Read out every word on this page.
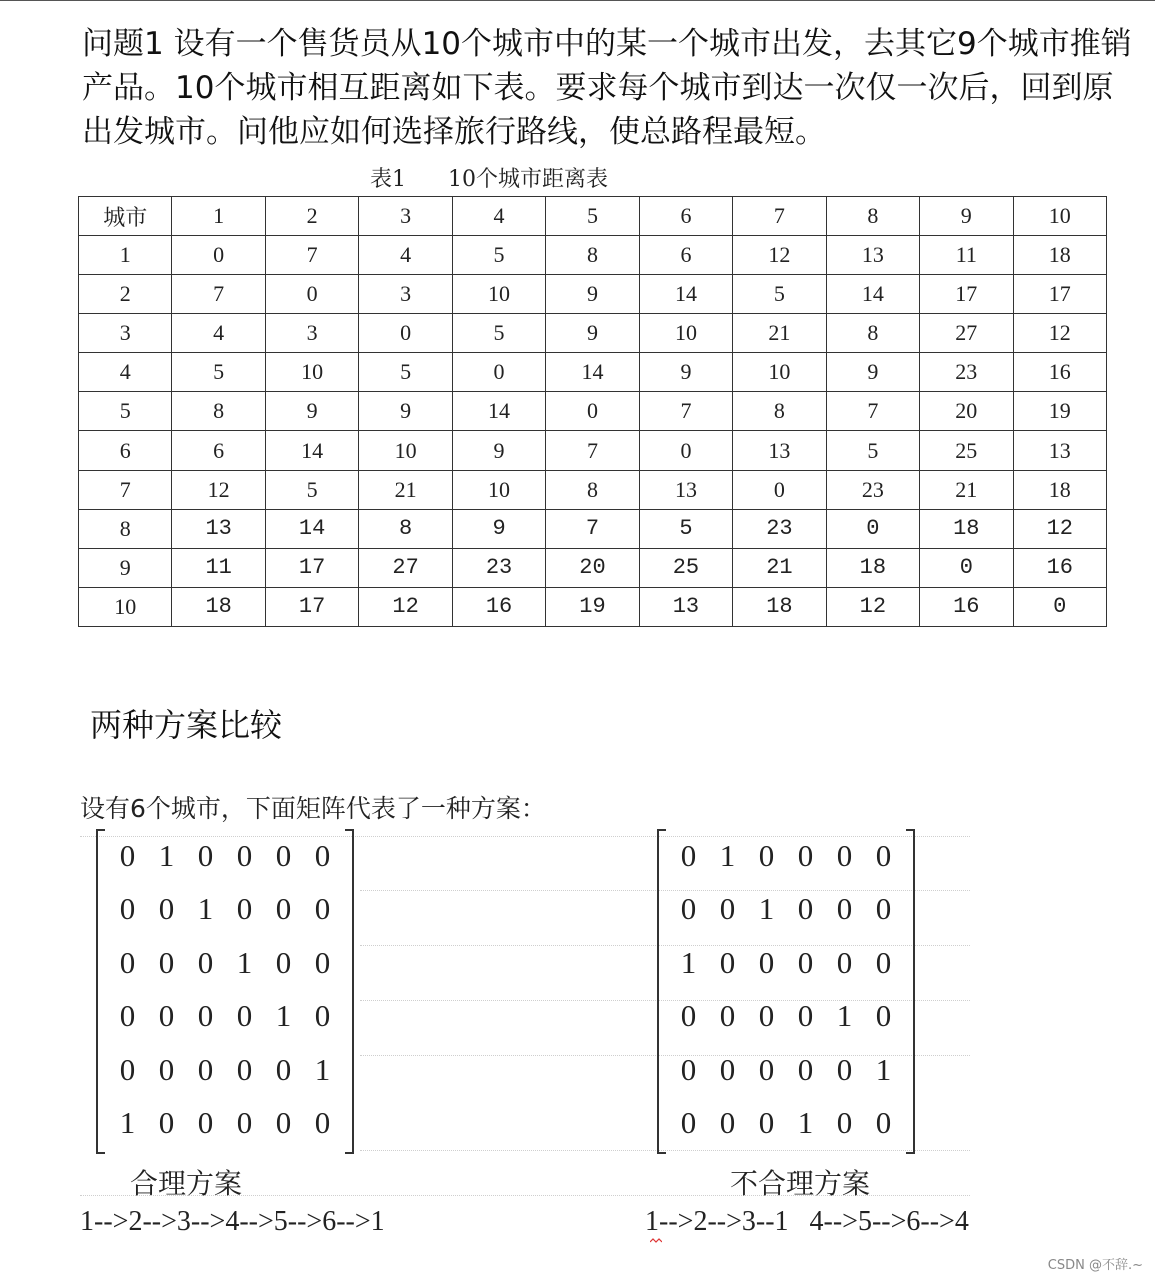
问题1 设有一个售货员从10个城市中的某一个城市出发，去其它9个城市推销产品。10个城市相互距离如下表。要求每个城市到达一次仅一次后，回到原出发城市。问他应如何选择旅行路线，使总路程最短。

表1      10个城市距离表
城市	1	2	3	4	5	6	7	8	9	10
1	0	7	4	5	8	6	12	13	11	18
2	7	0	3	10	9	14	5	14	17	17
3	4	3	0	5	9	10	21	8	27	12
4	5	10	5	0	14	9	10	9	23	16
5	8	9	9	14	0	7	8	7	20	19
6	6	14	10	9	7	0	13	5	25	13
7	12	5	21	10	8	13	0	23	21	18
8	13	14	8	9	7	5	23	0	18	12
9	11	17	27	23	20	25	21	18	0	16
10	18	17	12	16	19	13	18	12	16	0
两种方案比较
设有6个城市，下面矩阵代表了一种方案：
0 1 0 0 0 0
0 0 1 0 0 0
0 0 0 1 0 0
0 0 0 0 1 0
0 0 0 0 0 1
1 0 0 0 0 0
0 1 0 0 0 0
0 0 1 0 0 0
1 0 0 0 0 0
0 0 0 0 1 0
0 0 0 0 0 1
0 0 0 1 0 0
合理方案	不合理方案
1-->2-->3-->4-->5-->6-->1	1-->2-->3--1   4-->5-->6-->4
CSDN @不辞.~
